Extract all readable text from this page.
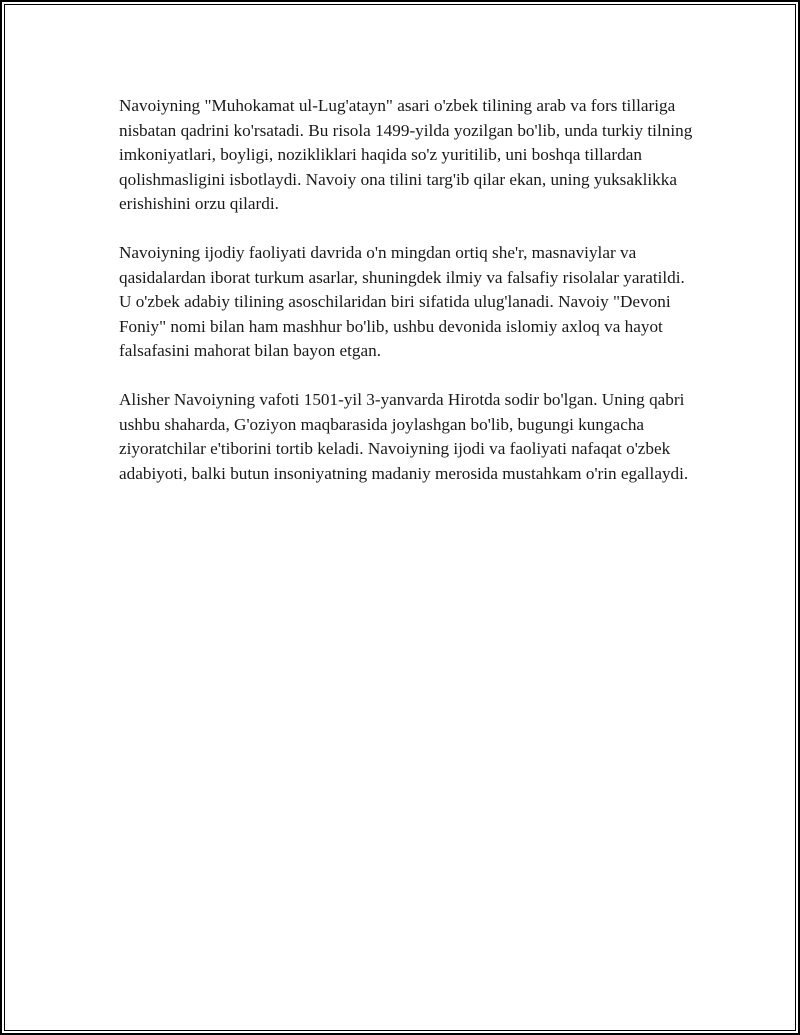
Navoiyning "Muhokamat ul-Lug'atayn" asari o'zbek tilining arab va fors tillariga nisbatan qadrini ko'rsatadi. Bu risola 1499-yilda yozilgan bo'lib, unda turkiy tilning imkoniyatlari, boyligi, nozikliklari haqida so'z yuritilib, uni boshqa tillardan qolishmasligini isbotlaydi. Navoiy ona tilini targ'ib qilar ekan, uning yuksaklikka erishishini orzu qilardi.

Navoiyning ijodiy faoliyati davrida o'n mingdan ortiq she'r, masnaviylar va qasidalardan iborat turkum asarlar, shuningdek ilmiy va falsafiy risolalar yaratildi. U o'zbek adabiy tilining asoschilaridan biri sifatida ulug'lanadi. Navoiy "Devoni Foniy" nomi bilan ham mashhur bo'lib, ushbu devonida islomiy axloq va hayot falsafasini mahorat bilan bayon etgan.

Alisher Navoiyning vafoti 1501-yil 3-yanvarda Hirotda sodir bo'lgan. Uning qabri ushbu shaharda, G'oziyon maqbarasida joylashgan bo'lib, bugungi kungacha ziyoratchilar e'tiborini tortib keladi. Navoiyning ijodi va faoliyati nafaqat o'zbek adabiyoti, balki butun insoniyatning madaniy merosida mustahkam o'rin egallaydi.
